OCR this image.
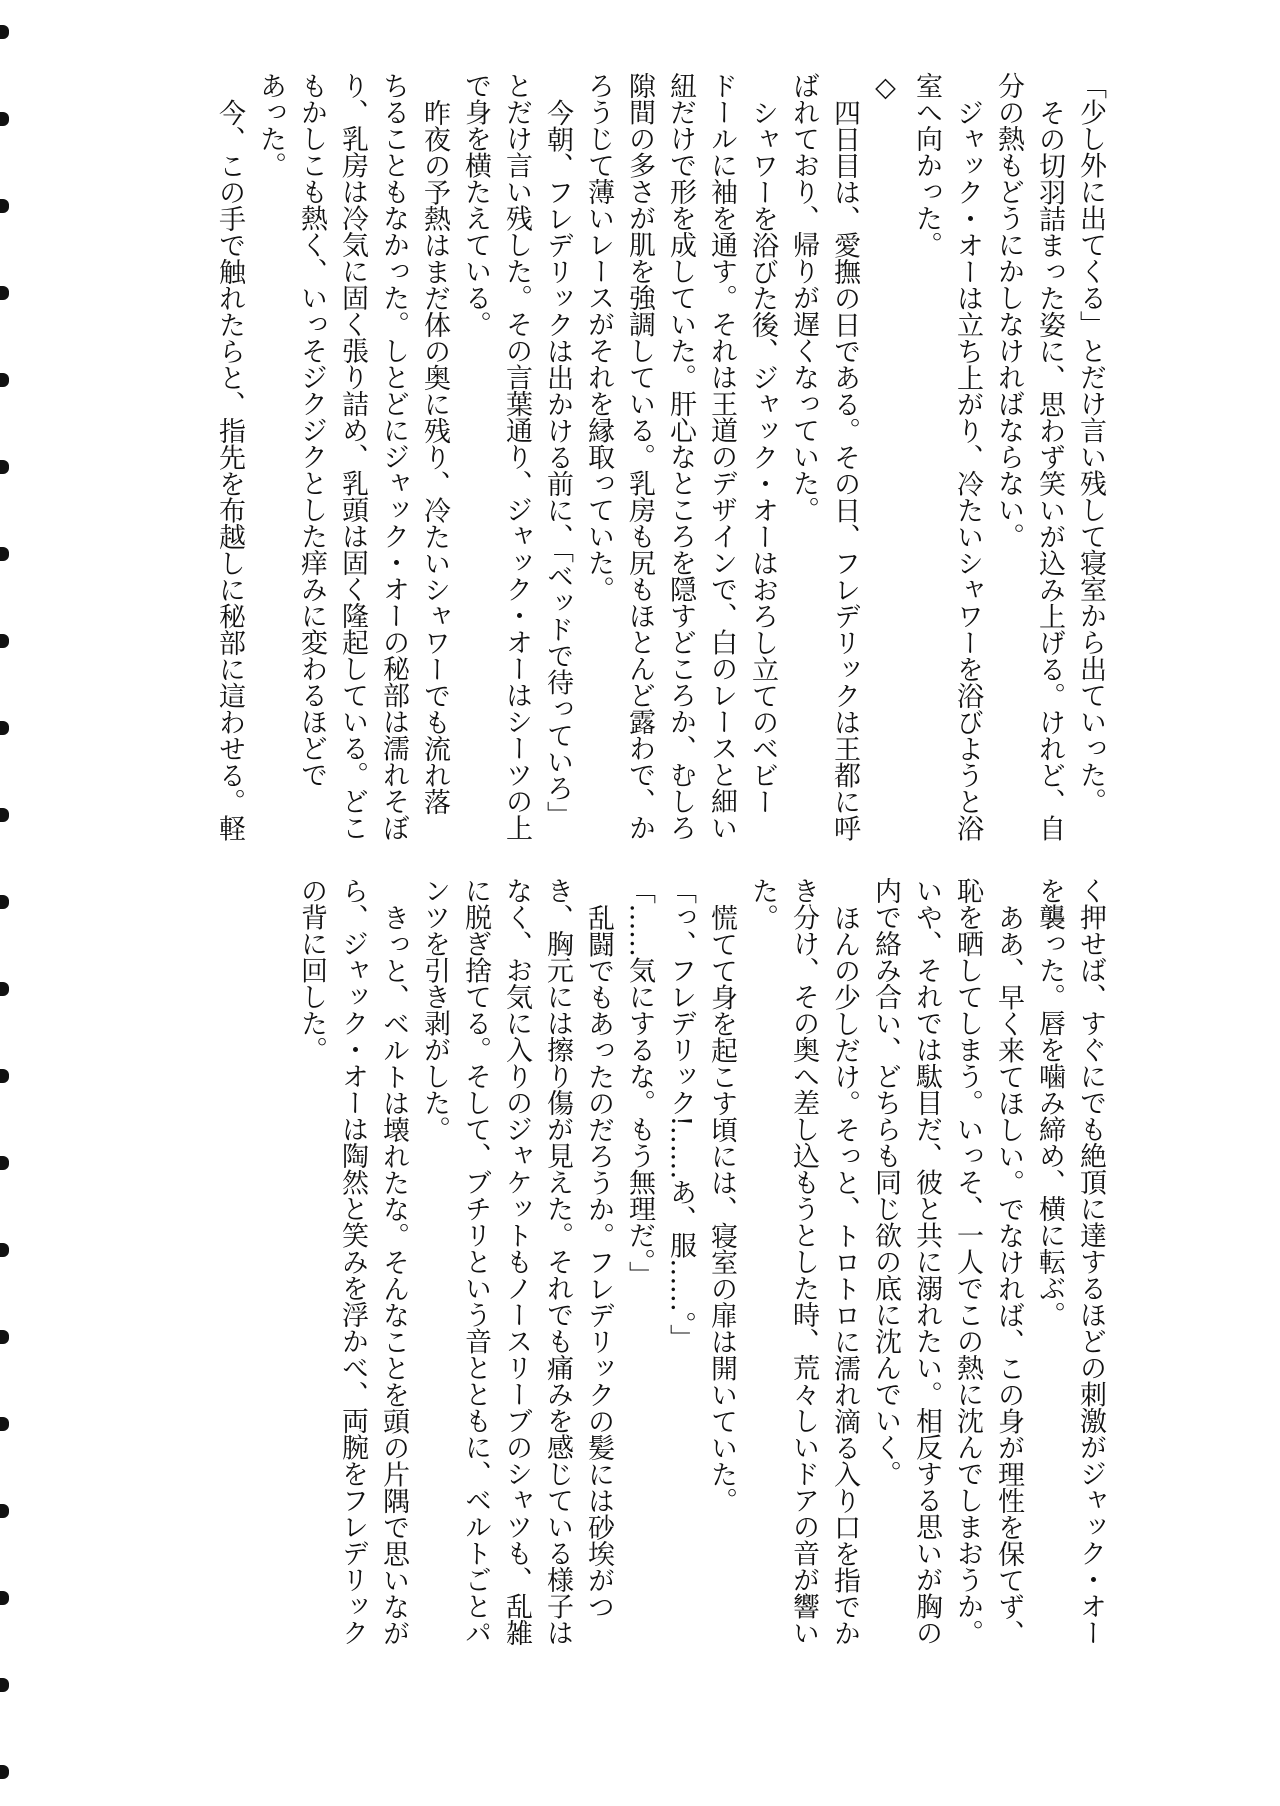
「少し外に出てくる」とだけ言い残して寝室から出ていった。
その切羽詰まった姿に、思わず笑いが込み上げる。けれど、自
分の熱もどうにかしなければならない。
ジャック・オーは立ち上がり、冷たいシャワーを浴びようと浴
室へ向かった。
◇
四日目は、愛撫の日である。その日、フレデリックは王都に呼
ばれており、帰りが遅くなっていた。
シャワーを浴びた後、ジャック・オーはおろし立てのベビー
ドールに袖を通す。それは王道のデザインで、白のレースと細い
紐だけで形を成していた。肝心なところを隠すどころか、むしろ
隙間の多さが肌を強調している。乳房も尻もほとんど露わで、か
ろうじて薄いレースがそれを縁取っていた。
今朝、フレデリックは出かける前に、「ベッドで待っていろ」
とだけ言い残した。その言葉通り、ジャック・オーはシーツの上
で身を横たえている。
昨夜の予熱はまだ体の奥に残り、冷たいシャワーでも流れ落
ちることもなかった。しとどにジャック・オーの秘部は濡れそぼ
り、乳房は冷気に固く張り詰め、乳頭は固く隆起している。どこ
もかしこも熱く、いっそジクジクとした痒みに変わるほどで
あった。
今、この手で触れたらと、指先を布越しに秘部に這わせる。軽
く押せば、すぐにでも絶頂に達するほどの刺激がジャック・オー
を襲った。唇を噛み締め、横に転ぶ。
ああ、早く来てほしい。でなければ、この身が理性を保てず、
恥を晒してしまう。いっそ、一人でこの熱に沈んでしまおうか。
いや、それでは駄目だ、彼と共に溺れたい。相反する思いが胸の
内で絡み合い、どちらも同じ欲の底に沈んでいく。
ほんの少しだけ。そっと、トロトロに濡れ滴る入り口を指でか
き分け、その奥へ差し込もうとした時、荒々しいドアの音が響い
た。
慌てて身を起こす頃には、寝室の扉は開いていた。
「っ、フレデリック!……あ、服……。」
「……気にするな。もう無理だ。」
乱闘でもあったのだろうか。フレデリックの髪には砂埃がつ
き、胸元には擦り傷が見えた。それでも痛みを感じている様子は
なく、お気に入りのジャケットもノースリーブのシャツも、乱雑
に脱ぎ捨てる。そして、ブチリという音とともに、ベルトごとパ
ンツを引き剥がした。
きっと、ベルトは壊れたな。そんなことを頭の片隅で思いなが
ら、ジャック・オーは陶然と笑みを浮かべ、両腕をフレデリック
の背に回した。
